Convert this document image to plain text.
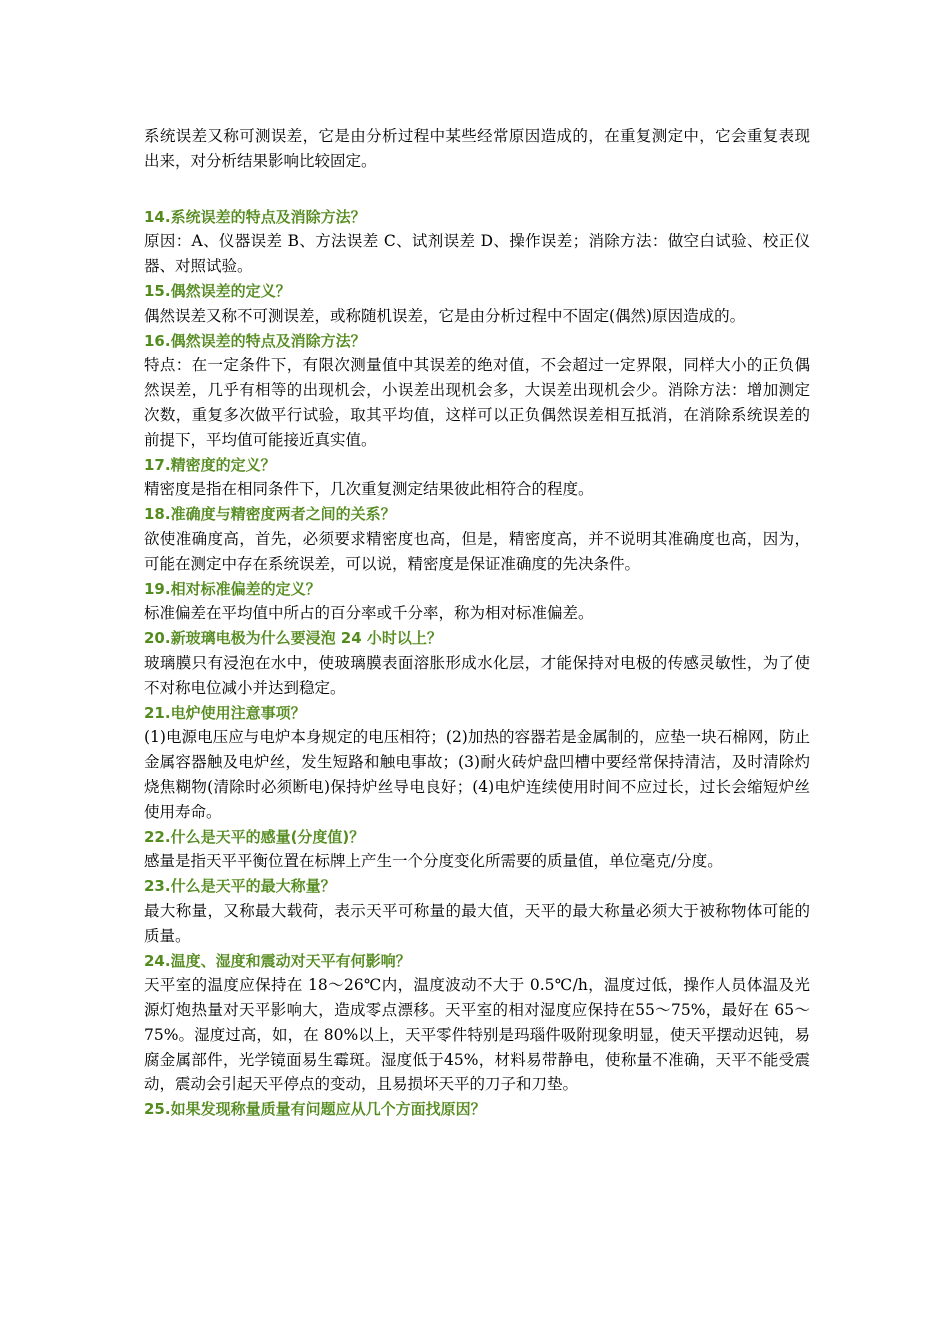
系统误差又称可测误差，它是由分析过程中某些经常原因造成的，在重复测定中，它会重复表现出来，对分析结果影响比较固定。

14.系统误差的特点及消除方法？

原因：A、仪器误差 B、方法误差 C、试剂误差 D、操作误差；消除方法：做空白试验、校正仪器、对照试验。

15.偶然误差的定义？

偶然误差又称不可测误差，或称随机误差，它是由分析过程中不固定(偶然)原因造成的。

16.偶然误差的特点及消除方法？

特点：在一定条件下，有限次测量值中其误差的绝对值，不会超过一定界限，同样大小的正负偶然误差，几乎有相等的出现机会，小误差出现机会多，大误差出现机会少。消除方法：增加测定次数，重复多次做平行试验，取其平均值，这样可以正负偶然误差相互抵消，在消除系统误差的前提下，平均值可能接近真实值。

17.精密度的定义？

精密度是指在相同条件下，几次重复测定结果彼此相符合的程度。

18.准确度与精密度两者之间的关系？

欲使准确度高，首先，必须要求精密度也高，但是，精密度高，并不说明其准确度也高，因为，可能在测定中存在系统误差，可以说，精密度是保证准确度的先决条件。

19.相对标准偏差的定义？

标准偏差在平均值中所占的百分率或千分率，称为相对标准偏差。

20.新玻璃电极为什么要浸泡 24 小时以上？

玻璃膜只有浸泡在水中，使玻璃膜表面溶胀形成水化层，才能保持对电极的传感灵敏性，为了使不对称电位减小并达到稳定。

21.电炉使用注意事项？

(1)电源电压应与电炉本身规定的电压相符；(2)加热的容器若是金属制的，应垫一块石棉网，防止金属容器触及电炉丝，发生短路和触电事故；(3)耐火砖炉盘凹槽中要经常保持清洁，及时清除灼烧焦糊物(清除时必须断电)保持炉丝导电良好；(4)电炉连续使用时间不应过长，过长会缩短炉丝使用寿命。

22.什么是天平的感量(分度值)？

感量是指天平平衡位置在标牌上产生一个分度变化所需要的质量值，单位毫克/分度。

23.什么是天平的最大称量？

最大称量，又称最大载荷，表示天平可称量的最大值，天平的最大称量必须大于被称物体可能的质量。

24.温度、湿度和震动对天平有何影响？

天平室的温度应保持在 18～26℃内，温度波动不大于 0.5℃/h，温度过低，操作人员体温及光源灯炮热量对天平影响大，造成零点漂移。天平室的相对湿度应保持在55～75%，最好在 65～75%。湿度过高，如，在 80%以上，天平零件特别是玛瑙件吸附现象明显，使天平摆动迟钝，易腐金属部件，光学镜面易生霉斑。湿度低于45%，材料易带静电，使称量不准确，天平不能受震动，震动会引起天平停点的变动，且易损坏天平的刀子和刀垫。

25.如果发现称量质量有问题应从几个方面找原因？
